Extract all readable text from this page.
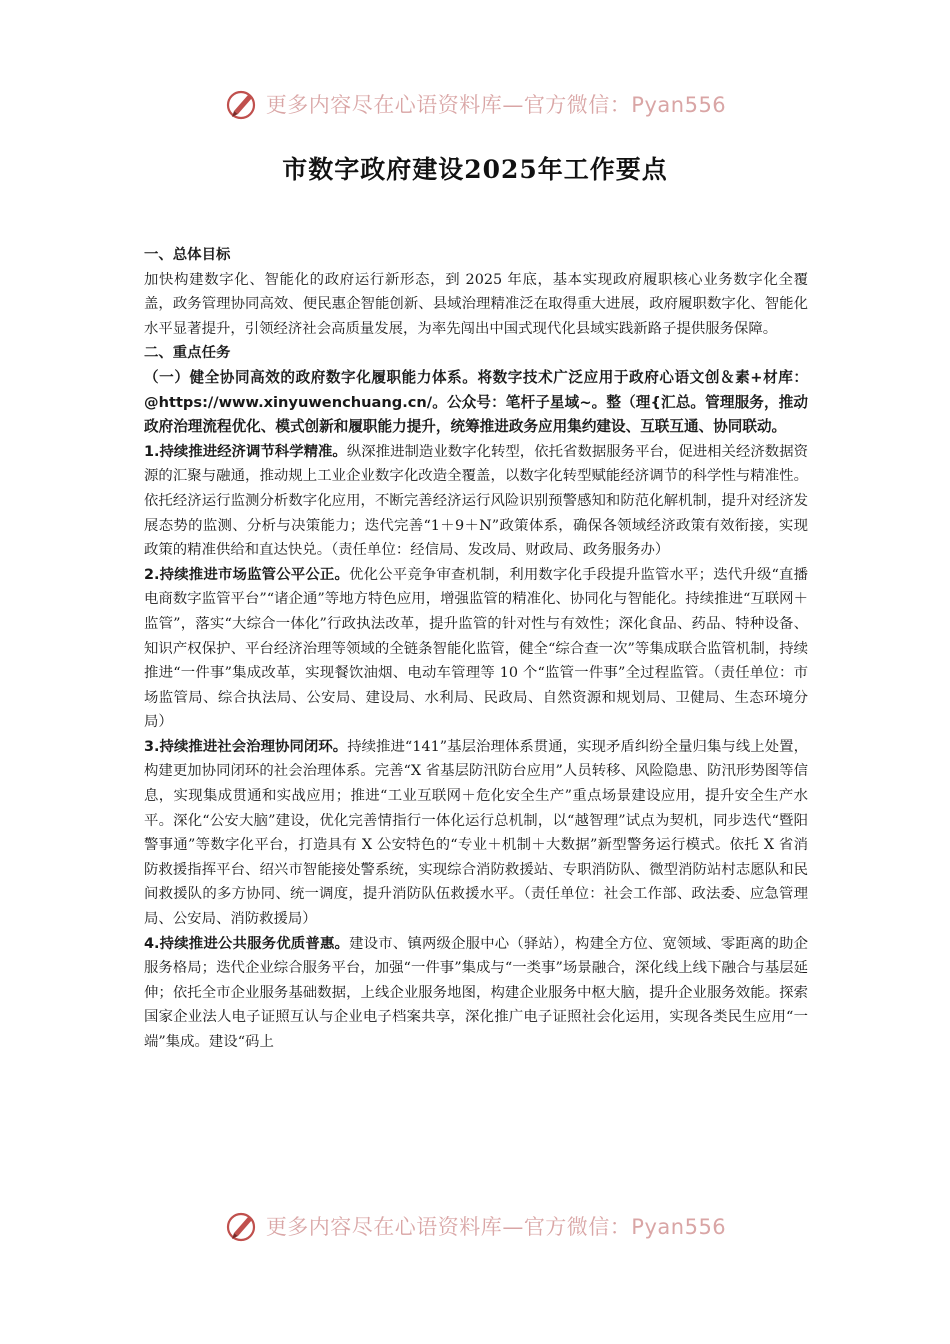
更多内容尽在心语资料库—官方微信：Pyan556
市数字政府建设2025年工作要点

一、总体目标

加快构建数字化、智能化的政府运行新形态，到 2025 年底，基本实现政府履职核心业务数字化全覆盖，政务管理协同高效、便民惠企智能创新、县域治理精准泛在取得重大进展，政府履职数字化、智能化水平显著提升，引领经济社会高质量发展，为率先闯出中国式现代化县域实践新路子提供服务保障。

二、重点任务

（一）健全协同高效的政府数字化履职能力体系。将数字技术广泛应用于政府心语文创＆素+材库：@https://www.xinyuwenchuang.cn/。公众号：笔杆子星域~。整（理{汇总。管理服务，推动政府治理流程优化、模式创新和履职能力提升，统筹推进政务应用集约建设、互联互通、协同联动。

1.持续推进经济调节科学精准。纵深推进制造业数字化转型，依托省数据服务平台，促进相关经济数据资源的汇聚与融通，推动规上工业企业数字化改造全覆盖，以数字化转型赋能经济调节的科学性与精准性。依托经济运行监测分析数字化应用，不断完善经济运行风险识别预警感知和防范化解机制，提升对经济发展态势的监测、分析与决策能力；迭代完善“1＋9＋N”政策体系，确保各领域经济政策有效衔接，实现政策的精准供给和直达快兑。（责任单位：经信局、发改局、财政局、政务服务办）

2.持续推进市场监管公平公正。优化公平竞争审查机制，利用数字化手段提升监管水平；迭代升级“直播电商数字监管平台”“诸企通”等地方特色应用，增强监管的精准化、协同化与智能化。持续推进“互联网＋监管”，落实“大综合一体化”行政执法改革，提升监管的针对性与有效性；深化食品、药品、特种设备、知识产权保护、平台经济治理等领域的全链条智能化监管，健全“综合查一次”等集成联合监管机制，持续推进“一件事”集成改革，实现餐饮油烟、电动车管理等 10 个“监管一件事”全过程监管。（责任单位：市场监管局、综合执法局、公安局、建设局、水利局、民政局、自然资源和规划局、卫健局、生态环境分局）

3.持续推进社会治理协同闭环。持续推进“141”基层治理体系贯通，实现矛盾纠纷全量归集与线上处置，构建更加协同闭环的社会治理体系。完善“X 省基层防汛防台应用”人员转移、风险隐患、防汛形势图等信息，实现集成贯通和实战应用；推进“工业互联网＋危化安全生产”重点场景建设应用，提升安全生产水平。深化“公安大脑”建设，优化完善情指行一体化运行总机制，以“越智理”试点为契机，同步迭代“暨阳警事通”等数字化平台，打造具有 X 公安特色的“专业＋机制＋大数据”新型警务运行模式。依托 X 省消防救援指挥平台、绍兴市智能接处警系统，实现综合消防救援站、专职消防队、微型消防站村志愿队和民间救援队的多方协同、统一调度，提升消防队伍救援水平。（责任单位：社会工作部、政法委、应急管理局、公安局、消防救援局）

4.持续推进公共服务优质普惠。建设市、镇两级企服中心（驿站），构建全方位、宽领域、零距离的助企服务格局；迭代企业综合服务平台，加强“一件事”集成与“一类事”场景融合，深化线上线下融合与基层延伸；依托全市企业服务基础数据，上线企业服务地图，构建企业服务中枢大脑，提升企业服务效能。探索国家企业法人电子证照互认与企业电子档案共享，深化推广电子证照社会化运用，实现各类民生应用“一端”集成。建设“码上

更多内容尽在心语资料库—官方微信：Pyan556
